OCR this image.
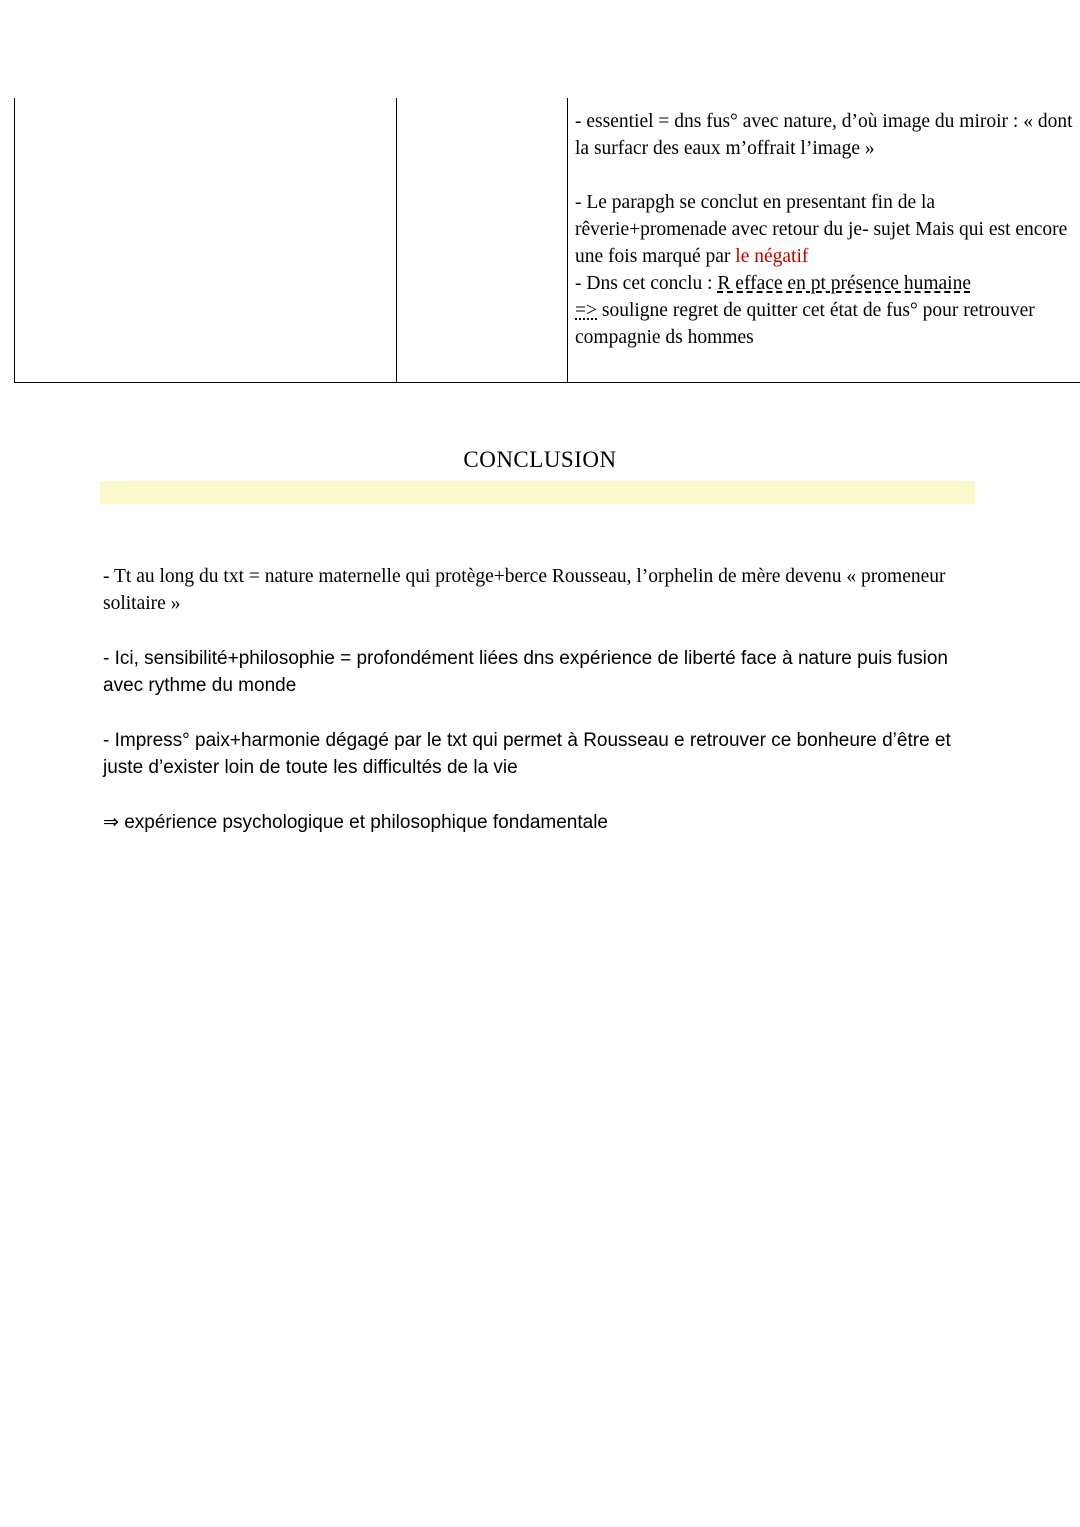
- essentiel = dns fus° avec nature, d’où image du miroir : « dont la surfacr des eaux m’offrait l’image »

- Le parapgh se conclut en presentant fin de la rêverie+promenade avec retour du je- sujet Mais qui est encore une fois marqué par le négatif
- Dns cet conclu : R efface en pt présence humaine
=> souligne regret de quitter cet état de fus° pour retrouver compagnie ds hommes

CONCLUSION

- Tt au long du txt = nature maternelle qui protège+berce Rousseau, l’orphelin de mère devenu « promeneur solitaire »

- Ici, sensibilité+philosophie = profondément liées dns expérience de liberté face à nature puis fusion avec rythme du monde

- Impress° paix+harmonie dégagé par le txt qui permet à Rousseau e retrouver ce bonheure d’être et juste d’exister loin de toute les difficultés de la vie

⇒ expérience psychologique et philosophique fondamentale
